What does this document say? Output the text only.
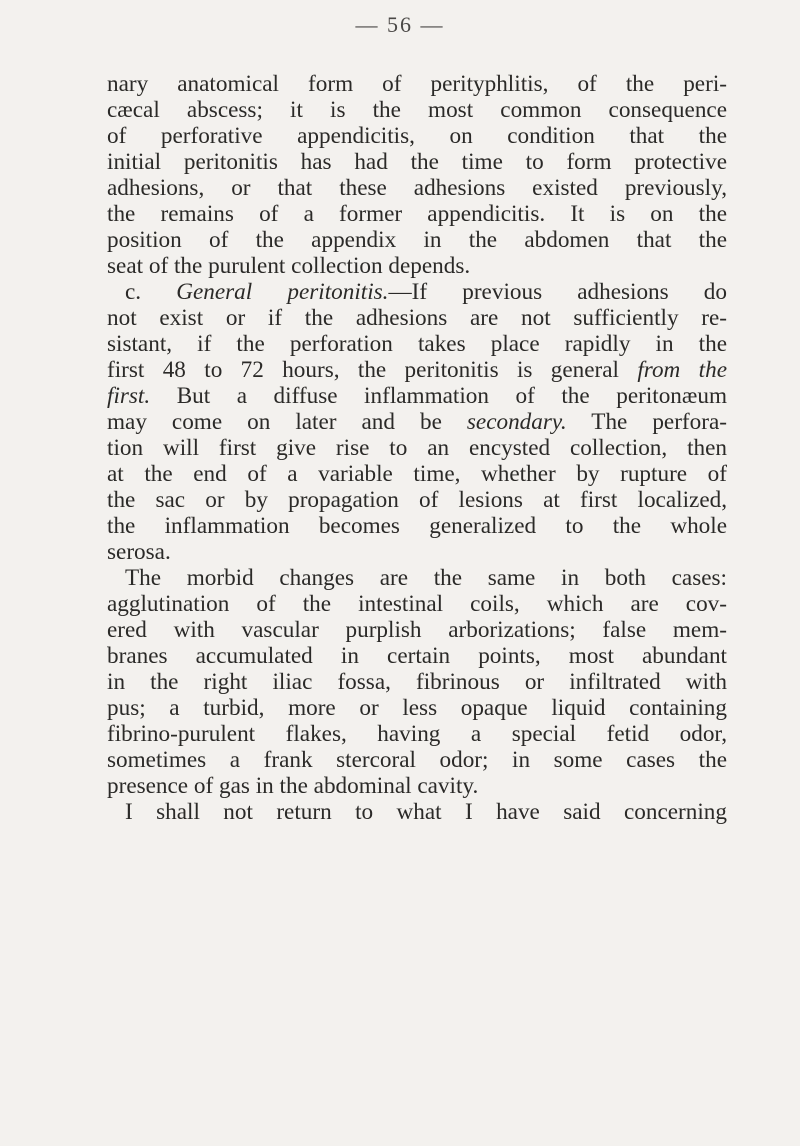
— 56 —
nary anatomical form of perityphlitis, of the peri-
cæcal abscess; it is the most common consequence
of perforative appendicitis, on condition that the
initial peritonitis has had the time to form protective
adhesions, or that these adhesions existed previously,
the remains of a former appendicitis. It is on the
position of the appendix in the abdomen that the
seat of the purulent collection depends.
c. General peritonitis.—If previous adhesions do
not exist or if the adhesions are not sufficiently re-
sistant, if the perforation takes place rapidly in the
first 48 to 72 hours, the peritonitis is general from the
first. But a diffuse inflammation of the peritonæum
may come on later and be secondary. The perfora-
tion will first give rise to an encysted collection, then
at the end of a variable time, whether by rupture of
the sac or by propagation of lesions at first localized,
the inflammation becomes generalized to the whole
serosa.
The morbid changes are the same in both cases:
agglutination of the intestinal coils, which are cov-
ered with vascular purplish arborizations; false mem-
branes accumulated in certain points, most abundant
in the right iliac fossa, fibrinous or infiltrated with
pus; a turbid, more or less opaque liquid containing
fibrino-purulent flakes, having a special fetid odor,
sometimes a frank stercoral odor; in some cases the
presence of gas in the abdominal cavity.
I shall not return to what I have said concerning
